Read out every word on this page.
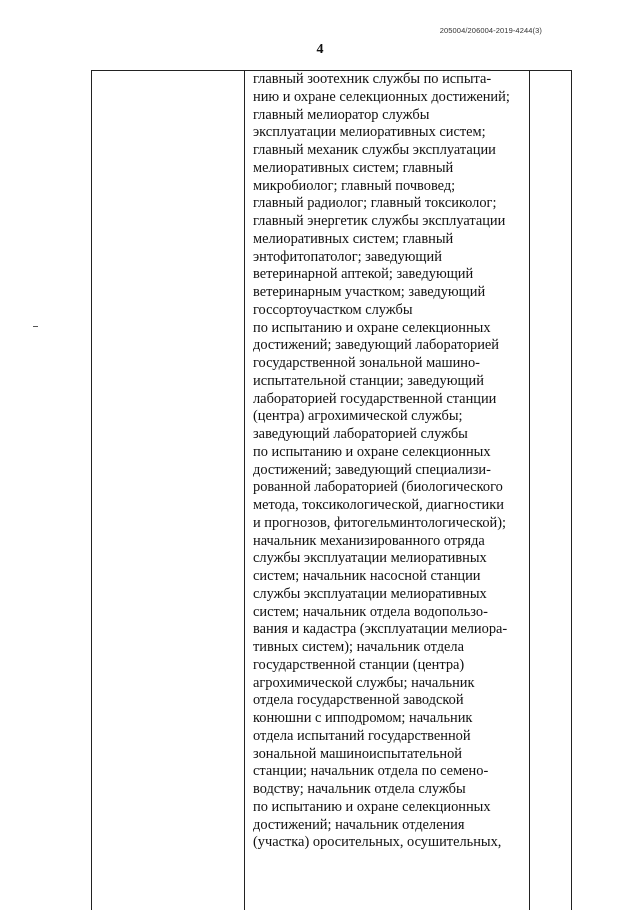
205004/206004-2019-4244(3)
4
главный зоотехник службы по испыта-
нию и охране селекционных достижений;
главный мелиоратор службы
эксплуатации мелиоративных систем;
главный механик службы эксплуатации
мелиоративных систем; главный
микробиолог; главный почвовед;
главный радиолог; главный токсиколог;
главный энергетик службы эксплуатации
мелиоративных систем; главный
энтофитопатолог; заведующий
ветеринарной аптекой; заведующий
ветеринарным участком; заведующий
госсортоучастком службы
по испытанию и охране селекционных
достижений; заведующий лабораторией
государственной зональной машино-
испытательной станции; заведующий
лабораторией государственной станции
(центра) агрохимической службы;
заведующий лабораторией службы
по испытанию и охране селекционных
достижений; заведующий специализи-
рованной лабораторией (биологического
метода, токсикологической, диагностики
и прогнозов, фитогельминтологической);
начальник механизированного отряда
службы эксплуатации мелиоративных
систем; начальник насосной станции
службы эксплуатации мелиоративных
систем; начальник отдела водопользо-
вания и кадастра (эксплуатации мелиора-
тивных систем); начальник отдела
государственной станции (центра)
агрохимической службы; начальник
отдела государственной заводской
конюшни с ипподромом; начальник
отдела испытаний государственной
зональной машиноиспытательной
станции; начальник отдела по семено-
водству; начальник отдела службы
по испытанию и охране селекционных
достижений; начальник отделения
(участка) оросительных, осушительных,
